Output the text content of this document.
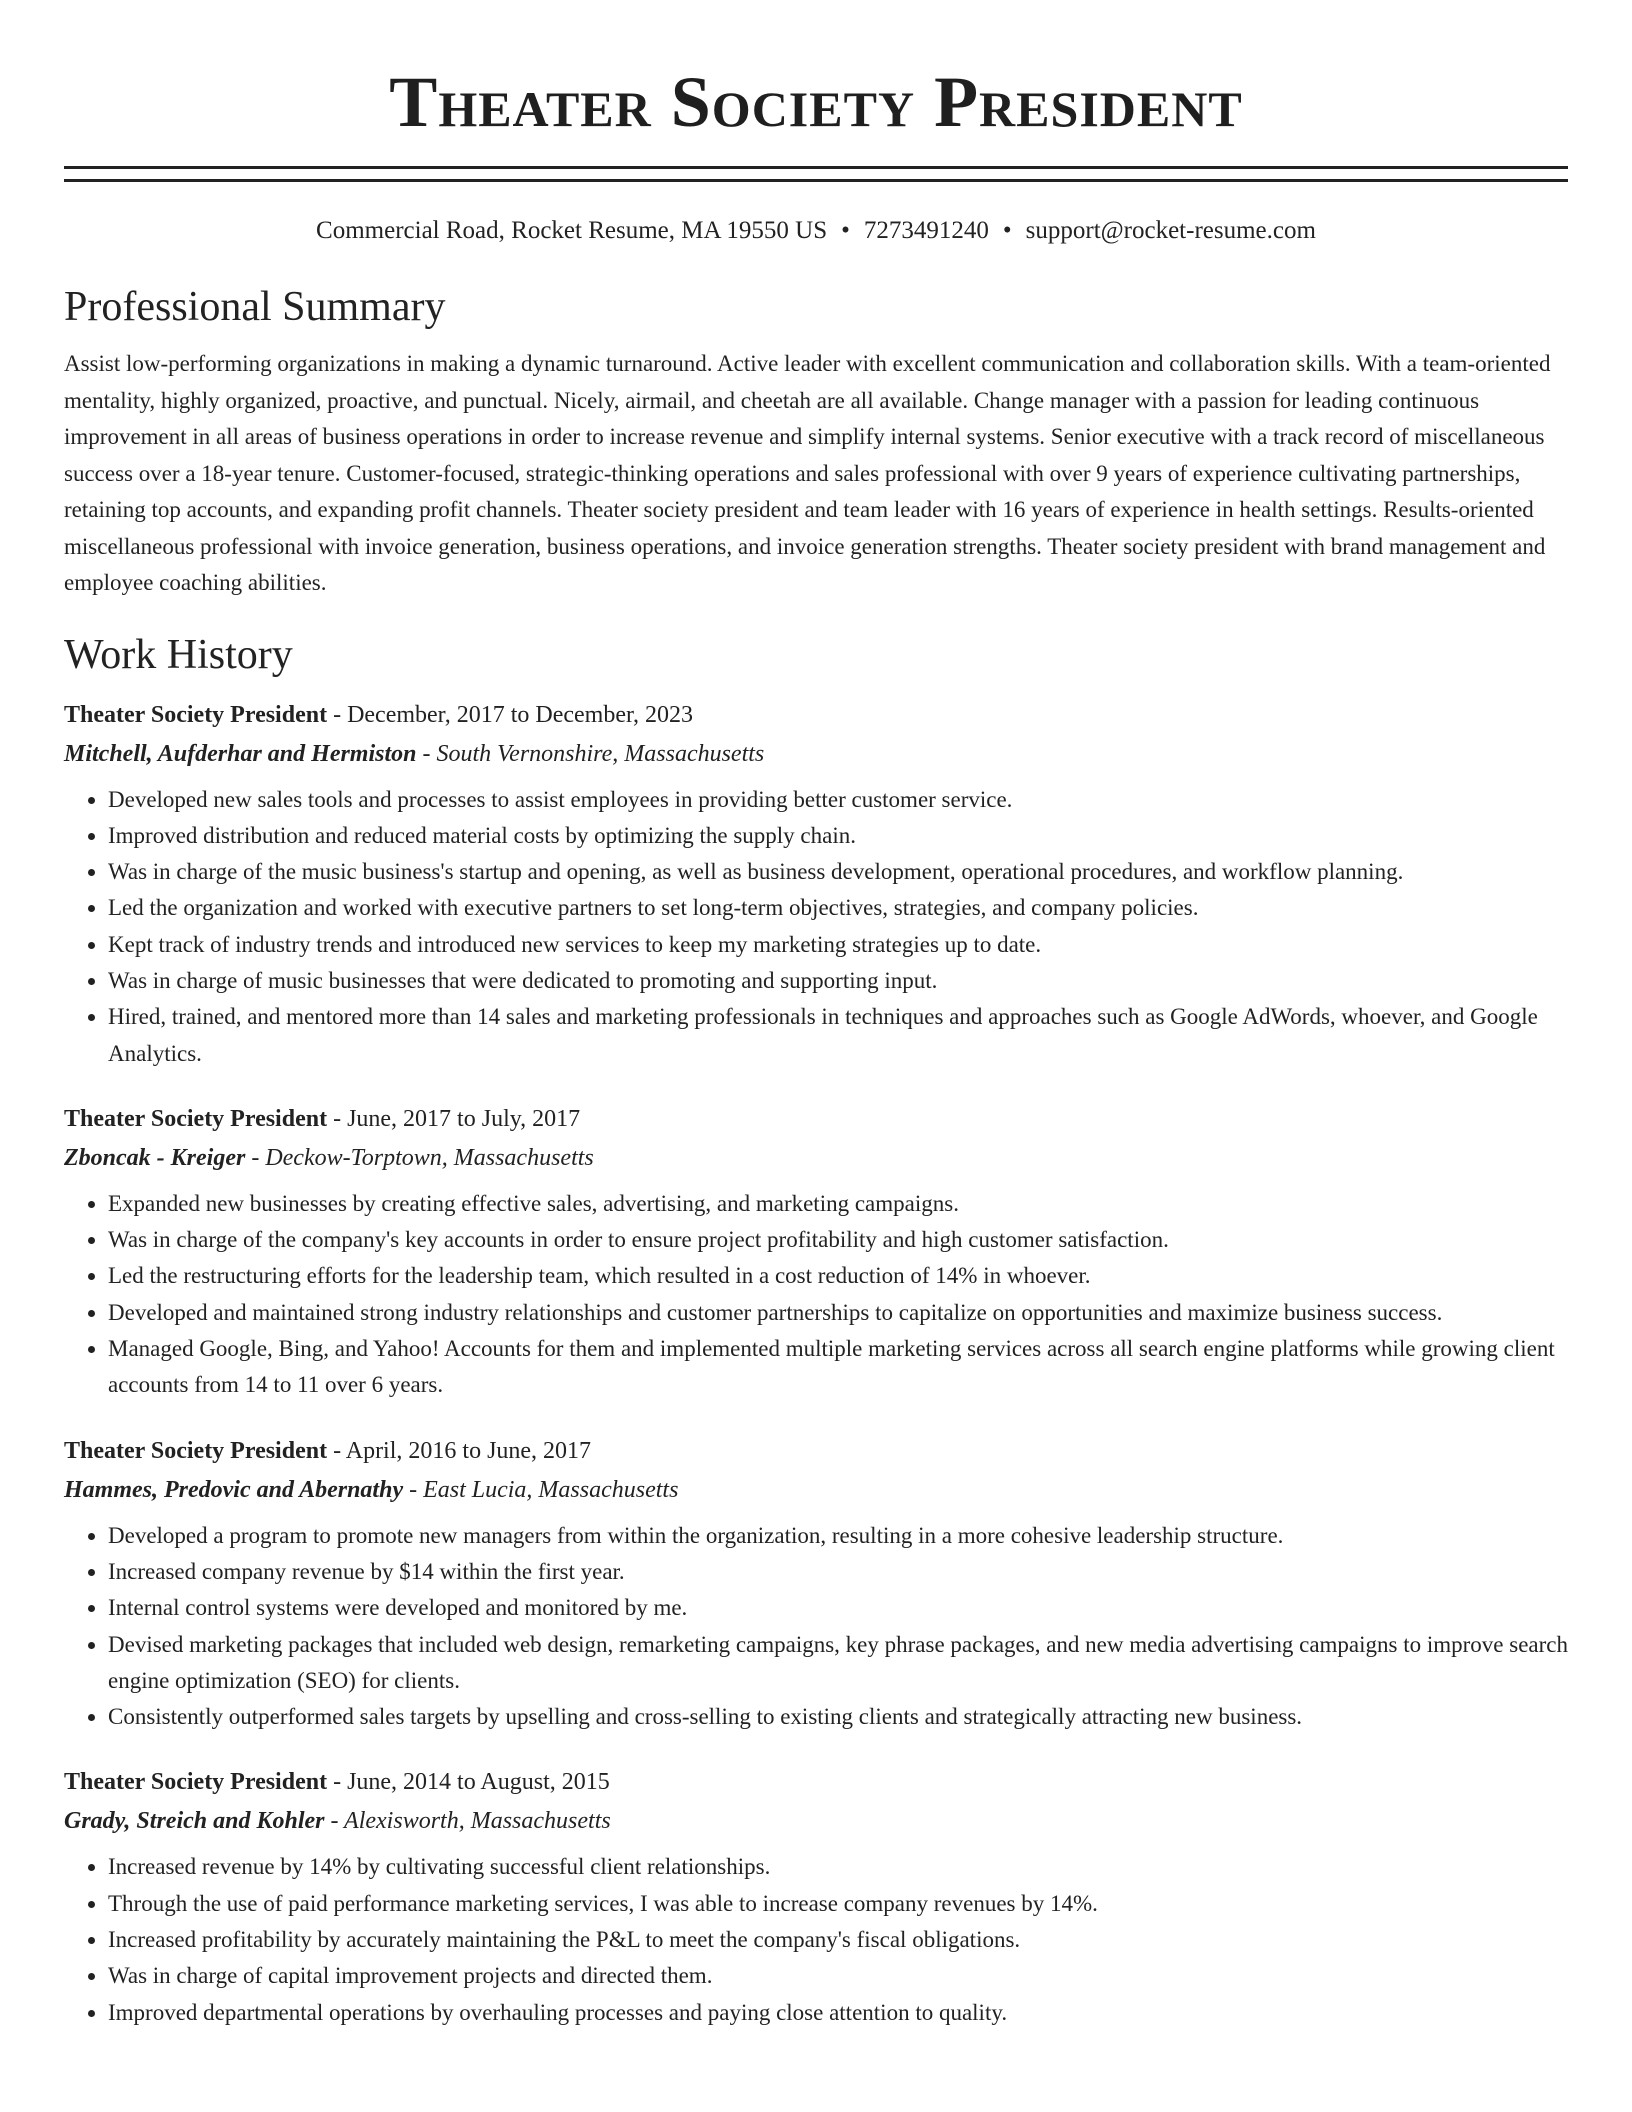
Theater Society President
Commercial Road, Rocket Resume, MA 19550 US • 7273491240 • support@rocket-resume.com
Professional Summary

Assist low-performing organizations in making a dynamic turnaround. Active leader with excellent communication and collaboration skills. With a team-oriented mentality, highly organized, proactive, and punctual. Nicely, airmail, and cheetah are all available. Change manager with a passion for leading continuous improvement in all areas of business operations in order to increase revenue and simplify internal systems. Senior executive with a track record of miscellaneous success over a 18-year tenure. Customer-focused, strategic-thinking operations and sales professional with over 9 years of experience cultivating partnerships, retaining top accounts, and expanding profit channels. Theater society president and team leader with 16 years of experience in health settings. Results-oriented miscellaneous professional with invoice generation, business operations, and invoice generation strengths. Theater society president with brand management and employee coaching abilities.

Work History
Theater Society President - December, 2017 to December, 2023
Mitchell, Aufderhar and Hermiston - South Vernonshire, Massachusetts
• Developed new sales tools and processes to assist employees in providing better customer service.
• Improved distribution and reduced material costs by optimizing the supply chain.
• Was in charge of the music business's startup and opening, as well as business development, operational procedures, and workflow planning.
• Led the organization and worked with executive partners to set long-term objectives, strategies, and company policies.
• Kept track of industry trends and introduced new services to keep my marketing strategies up to date.
• Was in charge of music businesses that were dedicated to promoting and supporting input.
• Hired, trained, and mentored more than 14 sales and marketing professionals in techniques and approaches such as Google AdWords, whoever, and Google Analytics.
Theater Society President - June, 2017 to July, 2017
Zboncak - Kreiger - Deckow-Torptown, Massachusetts
• Expanded new businesses by creating effective sales, advertising, and marketing campaigns.
• Was in charge of the company's key accounts in order to ensure project profitability and high customer satisfaction.
• Led the restructuring efforts for the leadership team, which resulted in a cost reduction of 14% in whoever.
• Developed and maintained strong industry relationships and customer partnerships to capitalize on opportunities and maximize business success.
• Managed Google, Bing, and Yahoo! Accounts for them and implemented multiple marketing services across all search engine platforms while growing client accounts from 14 to 11 over 6 years.
Theater Society President - April, 2016 to June, 2017
Hammes, Predovic and Abernathy - East Lucia, Massachusetts
• Developed a program to promote new managers from within the organization, resulting in a more cohesive leadership structure.
• Increased company revenue by $14 within the first year.
• Internal control systems were developed and monitored by me.
• Devised marketing packages that included web design, remarketing campaigns, key phrase packages, and new media advertising campaigns to improve search engine optimization (SEO) for clients.
• Consistently outperformed sales targets by upselling and cross-selling to existing clients and strategically attracting new business.
Theater Society President - June, 2014 to August, 2015
Grady, Streich and Kohler - Alexisworth, Massachusetts
• Increased revenue by 14% by cultivating successful client relationships.
• Through the use of paid performance marketing services, I was able to increase company revenues by 14%.
• Increased profitability by accurately maintaining the P&L to meet the company's fiscal obligations.
• Was in charge of capital improvement projects and directed them.
• Improved departmental operations by overhauling processes and paying close attention to quality.
